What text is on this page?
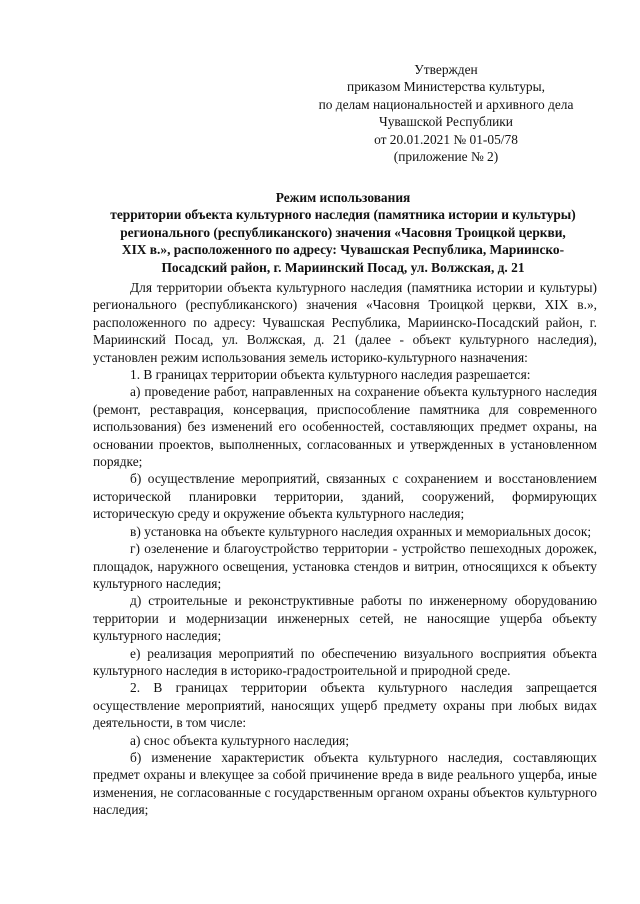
Утвержден
приказом Министерства культуры,
по делам национальностей и архивного дела
Чувашской Республики
от 20.01.2021 № 01-05/78
(приложение № 2)
Режим использования
территории объекта культурного наследия (памятника истории и культуры)
регионального (республиканского) значения «Часовня Троицкой церкви,
XIX в.», расположенного по адресу: Чувашская Республика, Мариинско-
Посадский район, г. Мариинский Посад, ул. Волжская, д. 21

Для территории объекта культурного наследия (памятника истории и культуры) регионального (республиканского) значения «Часовня Троицкой церкви, XIX в.», расположенного по адресу: Чувашская Республика, Мариинско-Посадский район, г. Мариинский Посад, ул. Волжская, д. 21 (далее - объект культурного наследия), установлен режим использования земель историко-культурного назначения:

1. В границах территории объекта культурного наследия разрешается:

а) проведение работ, направленных на сохранение объекта культурного наследия (ремонт, реставрация, консервация, приспособление памятника для современного использования) без изменений его особенностей, составляющих предмет охраны, на основании проектов, выполненных, согласованных и утвержденных в установленном порядке;

б) осуществление мероприятий, связанных с сохранением и восстановлением исторической планировки территории, зданий, сооружений, формирующих историческую среду и окружение объекта культурного наследия;

в) установка на объекте культурного наследия охранных и мемориальных досок;

г) озеленение и благоустройство территории - устройство пешеходных дорожек, площадок, наружного освещения, установка стендов и витрин, относящихся к объекту культурного наследия;

д) строительные и реконструктивные работы по инженерному оборудованию территории и модернизации инженерных сетей, не наносящие ущерба объекту культурного наследия;

е) реализация мероприятий по обеспечению визуального восприятия объекта культурного наследия в историко-градостроительной и природной среде.

2. В границах территории объекта культурного наследия запрещается осуществление мероприятий, наносящих ущерб предмету охраны при любых видах деятельности, в том числе:

а) снос объекта культурного наследия;

б) изменение характеристик объекта культурного наследия, составляющих предмет охраны и влекущее за собой причинение вреда в виде реального ущерба, иные изменения, не согласованные с государственным органом охраны объектов культурного наследия;
